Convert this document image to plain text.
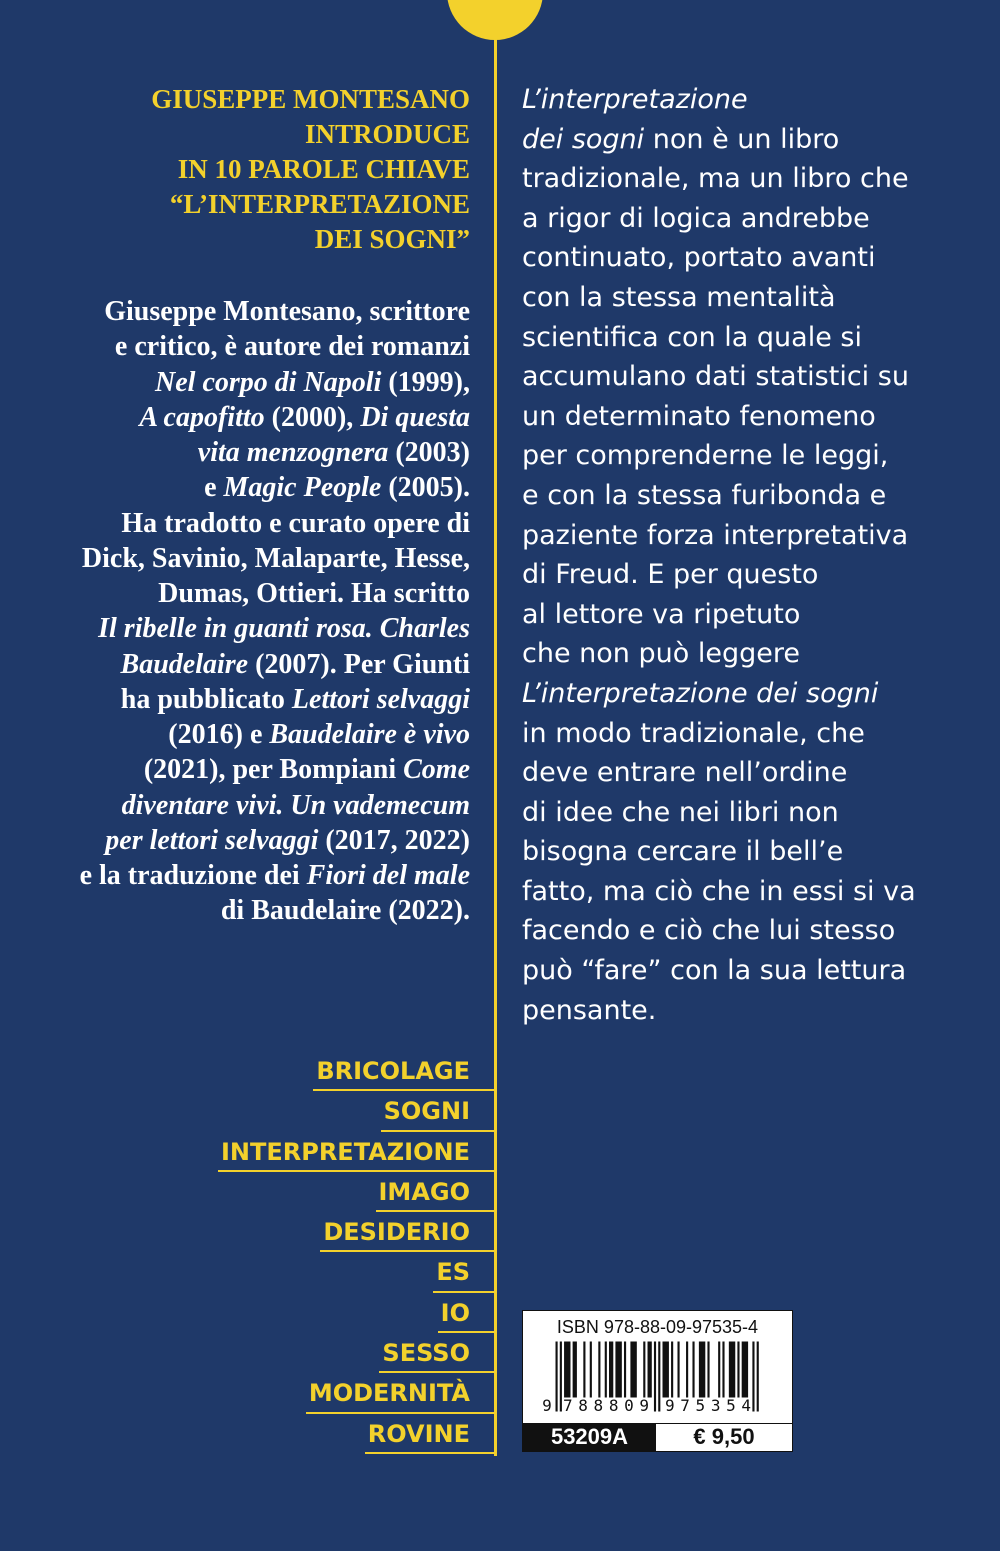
GIUSEPPE MONTESANO
INTRODUCE
IN 10 PAROLE CHIAVE
“L’INTERPRETAZIONE
DEI SOGNI”
Giuseppe Montesano, scrittore
e critico, è autore dei romanzi
Nel corpo di Napoli (1999),
A capofitto (2000), Di questa
vita menzognera (2003)
e Magic People (2005).
Ha tradotto e curato opere di
Dick, Savinio, Malaparte, Hesse,
Dumas, Ottieri. Ha scritto
Il ribelle in guanti rosa. Charles
Baudelaire (2007). Per Giunti
ha pubblicato Lettori selvaggi
(2016) e Baudelaire è vivo
(2021), per Bompiani Come
diventare vivi. Un vademecum
per lettori selvaggi (2017, 2022)
e la traduzione dei Fiori del male
di Baudelaire (2022).
L’interpretazione
dei sogni non è un libro
tradizionale, ma un libro che
a rigor di logica andrebbe
continuato, portato avanti
con la stessa mentalità
scientifica con la quale si
accumulano dati statistici su
un determinato fenomeno
per comprenderne le leggi,
e con la stessa furibonda e
paziente forza interpretativa
di Freud. E per questo
al lettore va ripetuto
che non può leggere
L’interpretazione dei sogni
in modo tradizionale, che
deve entrare nell’ordine
di idee che nei libri non
bisogna cercare il bell’e
fatto, ma ciò che in essi si va
facendo e ciò che lui stesso
può “fare” con la sua lettura
pensante.
BRICOLAGE
SOGNI
INTERPRETAZIONE
IMAGO
DESIDERIO
ES
IO
SESSO
MODERNITÀ
ROVINE
ISBN 978-88-09-97535-4
9 788809 975354
53209A	€ 9,50
